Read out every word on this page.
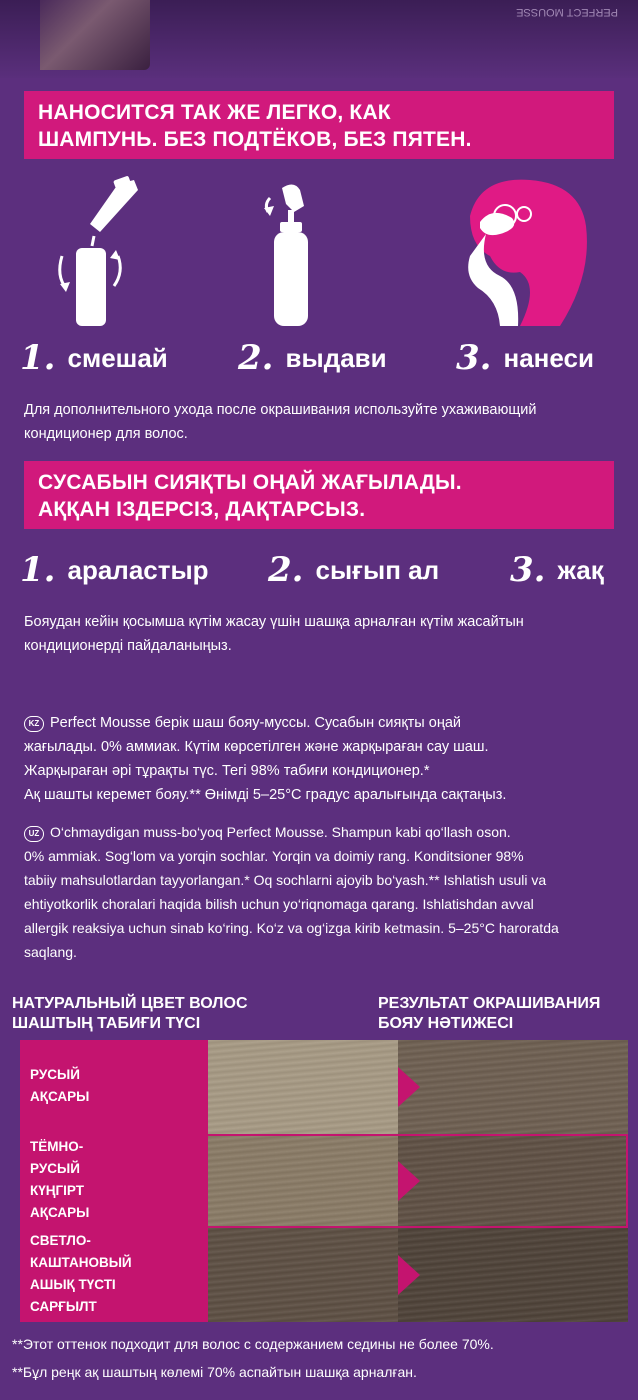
PERFECT MOUSSE
НАНОСИТСЯ ТАК ЖЕ ЛЕГКО, КАК
ШАМПУНЬ. БЕЗ ПОДТЁКОВ, БЕЗ ПЯТЕН.
1. смешай 2. выдави 3. нанеси
Для дополнительного ухода после окрашивания используйте ухаживающий
кондиционер для волос.
СУСАБЫН СИЯҚТЫ ОҢАЙ ЖАҒЫЛАДЫ.
АҚҚАН ІЗДЕРСІЗ, ДАҚТАРСЫЗ.
1. араластыр 2. сығып ал 3. жақ
Бояудан кейін қосымша күтім жасау үшін шашқа арналған күтім жасайтын
кондиционерді пайдаланыңыз.
KZ Perfect Mousse берік шаш бояу-муссы. Сусабын сияқты оңай
жағылады. 0% аммиак. Күтім көрсетілген және жарқыраған сау шаш.
Жарқыраған әрі тұрақты түс. Тегі 98% табиғи кондиционер.*
Ақ шашты керемет бояу.** Өнімді 5–25°C градус аралығында сақтаңыз.
UZ O‘chmaydigan muss-bo‘yoq Perfect Mousse. Shampun kabi qo‘llash oson.
0% ammiak. Sog‘lom va yorqin sochlar. Yorqin va doimiy rang. Konditsioner 98%
tabiiy mahsulotlardan tayyorlangan.* Oq sochlarni ajoyib bo‘yash.** Ishlatish usuli va
ehtiyotkorlik choralari haqida bilish uchun yo‘riqnomaga qarang. Ishlatishdan avval
allergik reaksiya uchun sinab ko‘ring. Ko‘z va og‘izga kirib ketmasin. 5–25°C haroratda
saqlang.
НАТУРАЛЬНЫЙ ЦВЕТ ВОЛОС
ШАШТЫҢ ТАБИҒИ ТҮСІ
РЕЗУЛЬТАТ ОКРАШИВАНИЯ
БОЯУ НӘТИЖЕСІ
РУСЫЙ
АҚСАРЫ
ТЁМНО-
РУСЫЙ
КҮҢГІРТ
АҚСАРЫ
СВЕТЛО-
КАШТАНОВЫЙ
АШЫҚ ТҮСТІ
САРҒЫЛТ
**Этот оттенок подходит для волос с содержанием седины не более 70%.
**Бұл реңк ақ шаштың көлемі 70% аспайтын шашқа арналған.
